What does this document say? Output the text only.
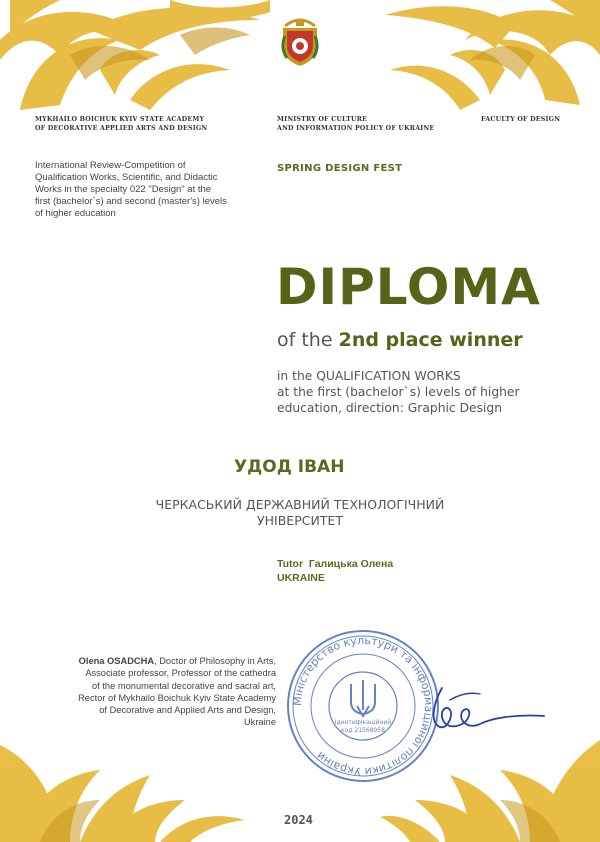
MYKHAILO BOICHUK KYIV STATE ACADEMY
OF DECORATIVE APPLIED ARTS AND DESIGN
MINISTRY OF CULTURE
AND INFORMATION POLICY OF UKRAINE
FACULTY OF DESIGN
International Review-Competition of
Qualification Works, Scientific, and Didactic
Works in the specialty 022 "Design" at the
first (bachelor`s) and second (master's) levels
of higher education
SPRING DESIGN FEST
DIPLOMA
of the 2nd place winner
in the QUALIFICATION WORKS
at the first (bachelor`s) levels of higher
education, direction: Graphic Design
УДОД ІВАН
ЧЕРКАСЬКИЙ ДЕРЖАВНИЙ ТЕХНОЛОГІЧНИЙ
УНІВЕРСИТЕТ
Tutor Галицька Олена
UKRAINE
Olena OSADCHA, Doctor of Philosophy in Arts,
Associate professor, Professor of the cathedra
of the monumental decorative and sacral art,
Rector of Mykhailo Boichuk Kyiv State Academy
of Decorative and Applied Arts and Design,
Ukraine
Міністерство культури та інформаційної політики України
Ідентифікаційний
код 21568958
2024
